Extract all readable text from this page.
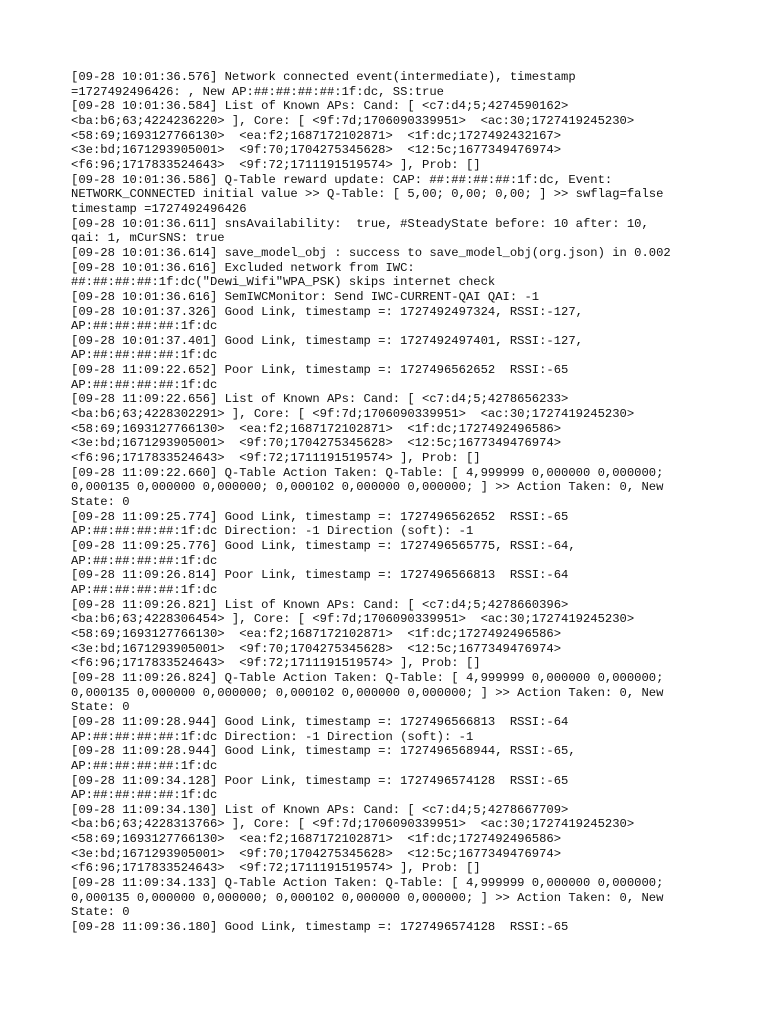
[09-28 10:01:36.576] Network connected event(intermediate), timestamp
=1727492496426: , New AP:##:##:##:##:1f:dc, SS:true
[09-28 10:01:36.584] List of Known APs: Cand: [ <c7:d4;5;4274590162>
<ba:b6;63;4224236220> ], Core: [ <9f:7d;1706090339951>  <ac:30;1727419245230>
<58:69;1693127766130>  <ea:f2;1687172102871>  <1f:dc;1727492432167>
<3e:bd;1671293905001>  <9f:70;1704275345628>  <12:5c;1677349476974>
<f6:96;1717833524643>  <9f:72;1711191519574> ], Prob: []
[09-28 10:01:36.586] Q-Table reward update: CAP: ##:##:##:##:1f:dc, Event:
NETWORK_CONNECTED initial value >> Q-Table: [ 5,00; 0,00; 0,00; ] >> swflag=false
timestamp =1727492496426
[09-28 10:01:36.611] snsAvailability:  true, #SteadyState before: 10 after: 10,
qai: 1, mCurSNS: true
[09-28 10:01:36.614] save_model_obj : success to save_model_obj(org.json) in 0.002
[09-28 10:01:36.616] Excluded network from IWC:
##:##:##:##:1f:dc("Dewi_Wifi"WPA_PSK) skips internet check
[09-28 10:01:36.616] SemIWCMonitor: Send IWC-CURRENT-QAI QAI: -1
[09-28 10:01:37.326] Good Link, timestamp =: 1727492497324, RSSI:-127,
AP:##:##:##:##:1f:dc
[09-28 10:01:37.401] Good Link, timestamp =: 1727492497401, RSSI:-127,
AP:##:##:##:##:1f:dc
[09-28 11:09:22.652] Poor Link, timestamp =: 1727496562652  RSSI:-65
AP:##:##:##:##:1f:dc
[09-28 11:09:22.656] List of Known APs: Cand: [ <c7:d4;5;4278656233>
<ba:b6;63;4228302291> ], Core: [ <9f:7d;1706090339951>  <ac:30;1727419245230>
<58:69;1693127766130>  <ea:f2;1687172102871>  <1f:dc;1727492496586>
<3e:bd;1671293905001>  <9f:70;1704275345628>  <12:5c;1677349476974>
<f6:96;1717833524643>  <9f:72;1711191519574> ], Prob: []
[09-28 11:09:22.660] Q-Table Action Taken: Q-Table: [ 4,999999 0,000000 0,000000;
0,000135 0,000000 0,000000; 0,000102 0,000000 0,000000; ] >> Action Taken: 0, New
State: 0
[09-28 11:09:25.774] Good Link, timestamp =: 1727496562652  RSSI:-65
AP:##:##:##:##:1f:dc Direction: -1 Direction (soft): -1
[09-28 11:09:25.776] Good Link, timestamp =: 1727496565775, RSSI:-64,
AP:##:##:##:##:1f:dc
[09-28 11:09:26.814] Poor Link, timestamp =: 1727496566813  RSSI:-64
AP:##:##:##:##:1f:dc
[09-28 11:09:26.821] List of Known APs: Cand: [ <c7:d4;5;4278660396>
<ba:b6;63;4228306454> ], Core: [ <9f:7d;1706090339951>  <ac:30;1727419245230>
<58:69;1693127766130>  <ea:f2;1687172102871>  <1f:dc;1727492496586>
<3e:bd;1671293905001>  <9f:70;1704275345628>  <12:5c;1677349476974>
<f6:96;1717833524643>  <9f:72;1711191519574> ], Prob: []
[09-28 11:09:26.824] Q-Table Action Taken: Q-Table: [ 4,999999 0,000000 0,000000;
0,000135 0,000000 0,000000; 0,000102 0,000000 0,000000; ] >> Action Taken: 0, New
State: 0
[09-28 11:09:28.944] Good Link, timestamp =: 1727496566813  RSSI:-64
AP:##:##:##:##:1f:dc Direction: -1 Direction (soft): -1
[09-28 11:09:28.944] Good Link, timestamp =: 1727496568944, RSSI:-65,
AP:##:##:##:##:1f:dc
[09-28 11:09:34.128] Poor Link, timestamp =: 1727496574128  RSSI:-65
AP:##:##:##:##:1f:dc
[09-28 11:09:34.130] List of Known APs: Cand: [ <c7:d4;5;4278667709>
<ba:b6;63;4228313766> ], Core: [ <9f:7d;1706090339951>  <ac:30;1727419245230>
<58:69;1693127766130>  <ea:f2;1687172102871>  <1f:dc;1727492496586>
<3e:bd;1671293905001>  <9f:70;1704275345628>  <12:5c;1677349476974>
<f6:96;1717833524643>  <9f:72;1711191519574> ], Prob: []
[09-28 11:09:34.133] Q-Table Action Taken: Q-Table: [ 4,999999 0,000000 0,000000;
0,000135 0,000000 0,000000; 0,000102 0,000000 0,000000; ] >> Action Taken: 0, New
State: 0
[09-28 11:09:36.180] Good Link, timestamp =: 1727496574128  RSSI:-65
